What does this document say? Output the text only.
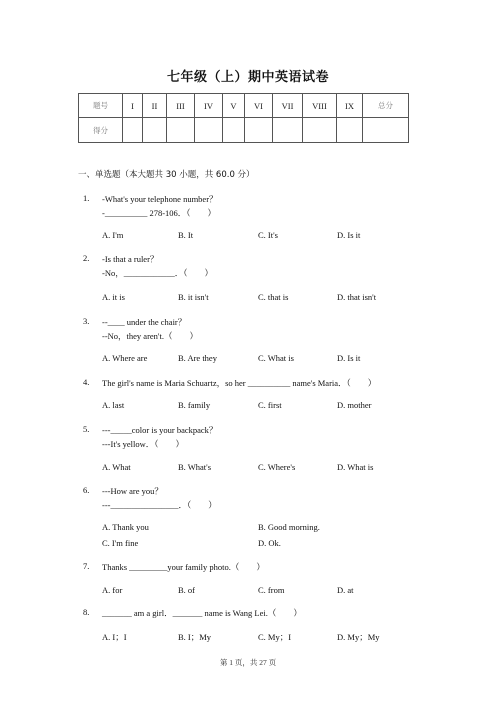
七年级（上）期中英语试卷
题号	I	II	III	IV	V	VI	VII	VIII	IX	总分
得分										
一、单选题（本大题共 30 小题，共 60.0 分）
1. -What's your telephone number？
-__________ 278-106．（　　）
A. I'm	B. It	C. It's	D. Is it
2. -Is that a ruler？
-No，____________．（　　）
A. it is	B. it isn't	C. that is	D. that isn't
3. --____ under the chair？
--No，they aren't.（　　）
A. Where are	B. Are they	C. What is	D. Is it
4. The girl's name is Maria Schuartz，so her __________ name's Maria．（　　）
A. last	B. family	C. first	D. mother
5. ---_____color is your backpack？
---It's yellow．（　　）
A. What	B. What's	C. Where's	D. What is
6. ---How are you？
---________________．（　　）
A. Thank you	B. Good morning.
C. I'm fine	D. Ok.
7. Thanks _________your family photo.（　　）
A. for	B. of	C. from	D. at
8. _______ am a girl．_______ name is Wang Lei.（　　）
A. I；I	B. I；My	C. My；I	D. My；My
第 1 页，共 27 页
